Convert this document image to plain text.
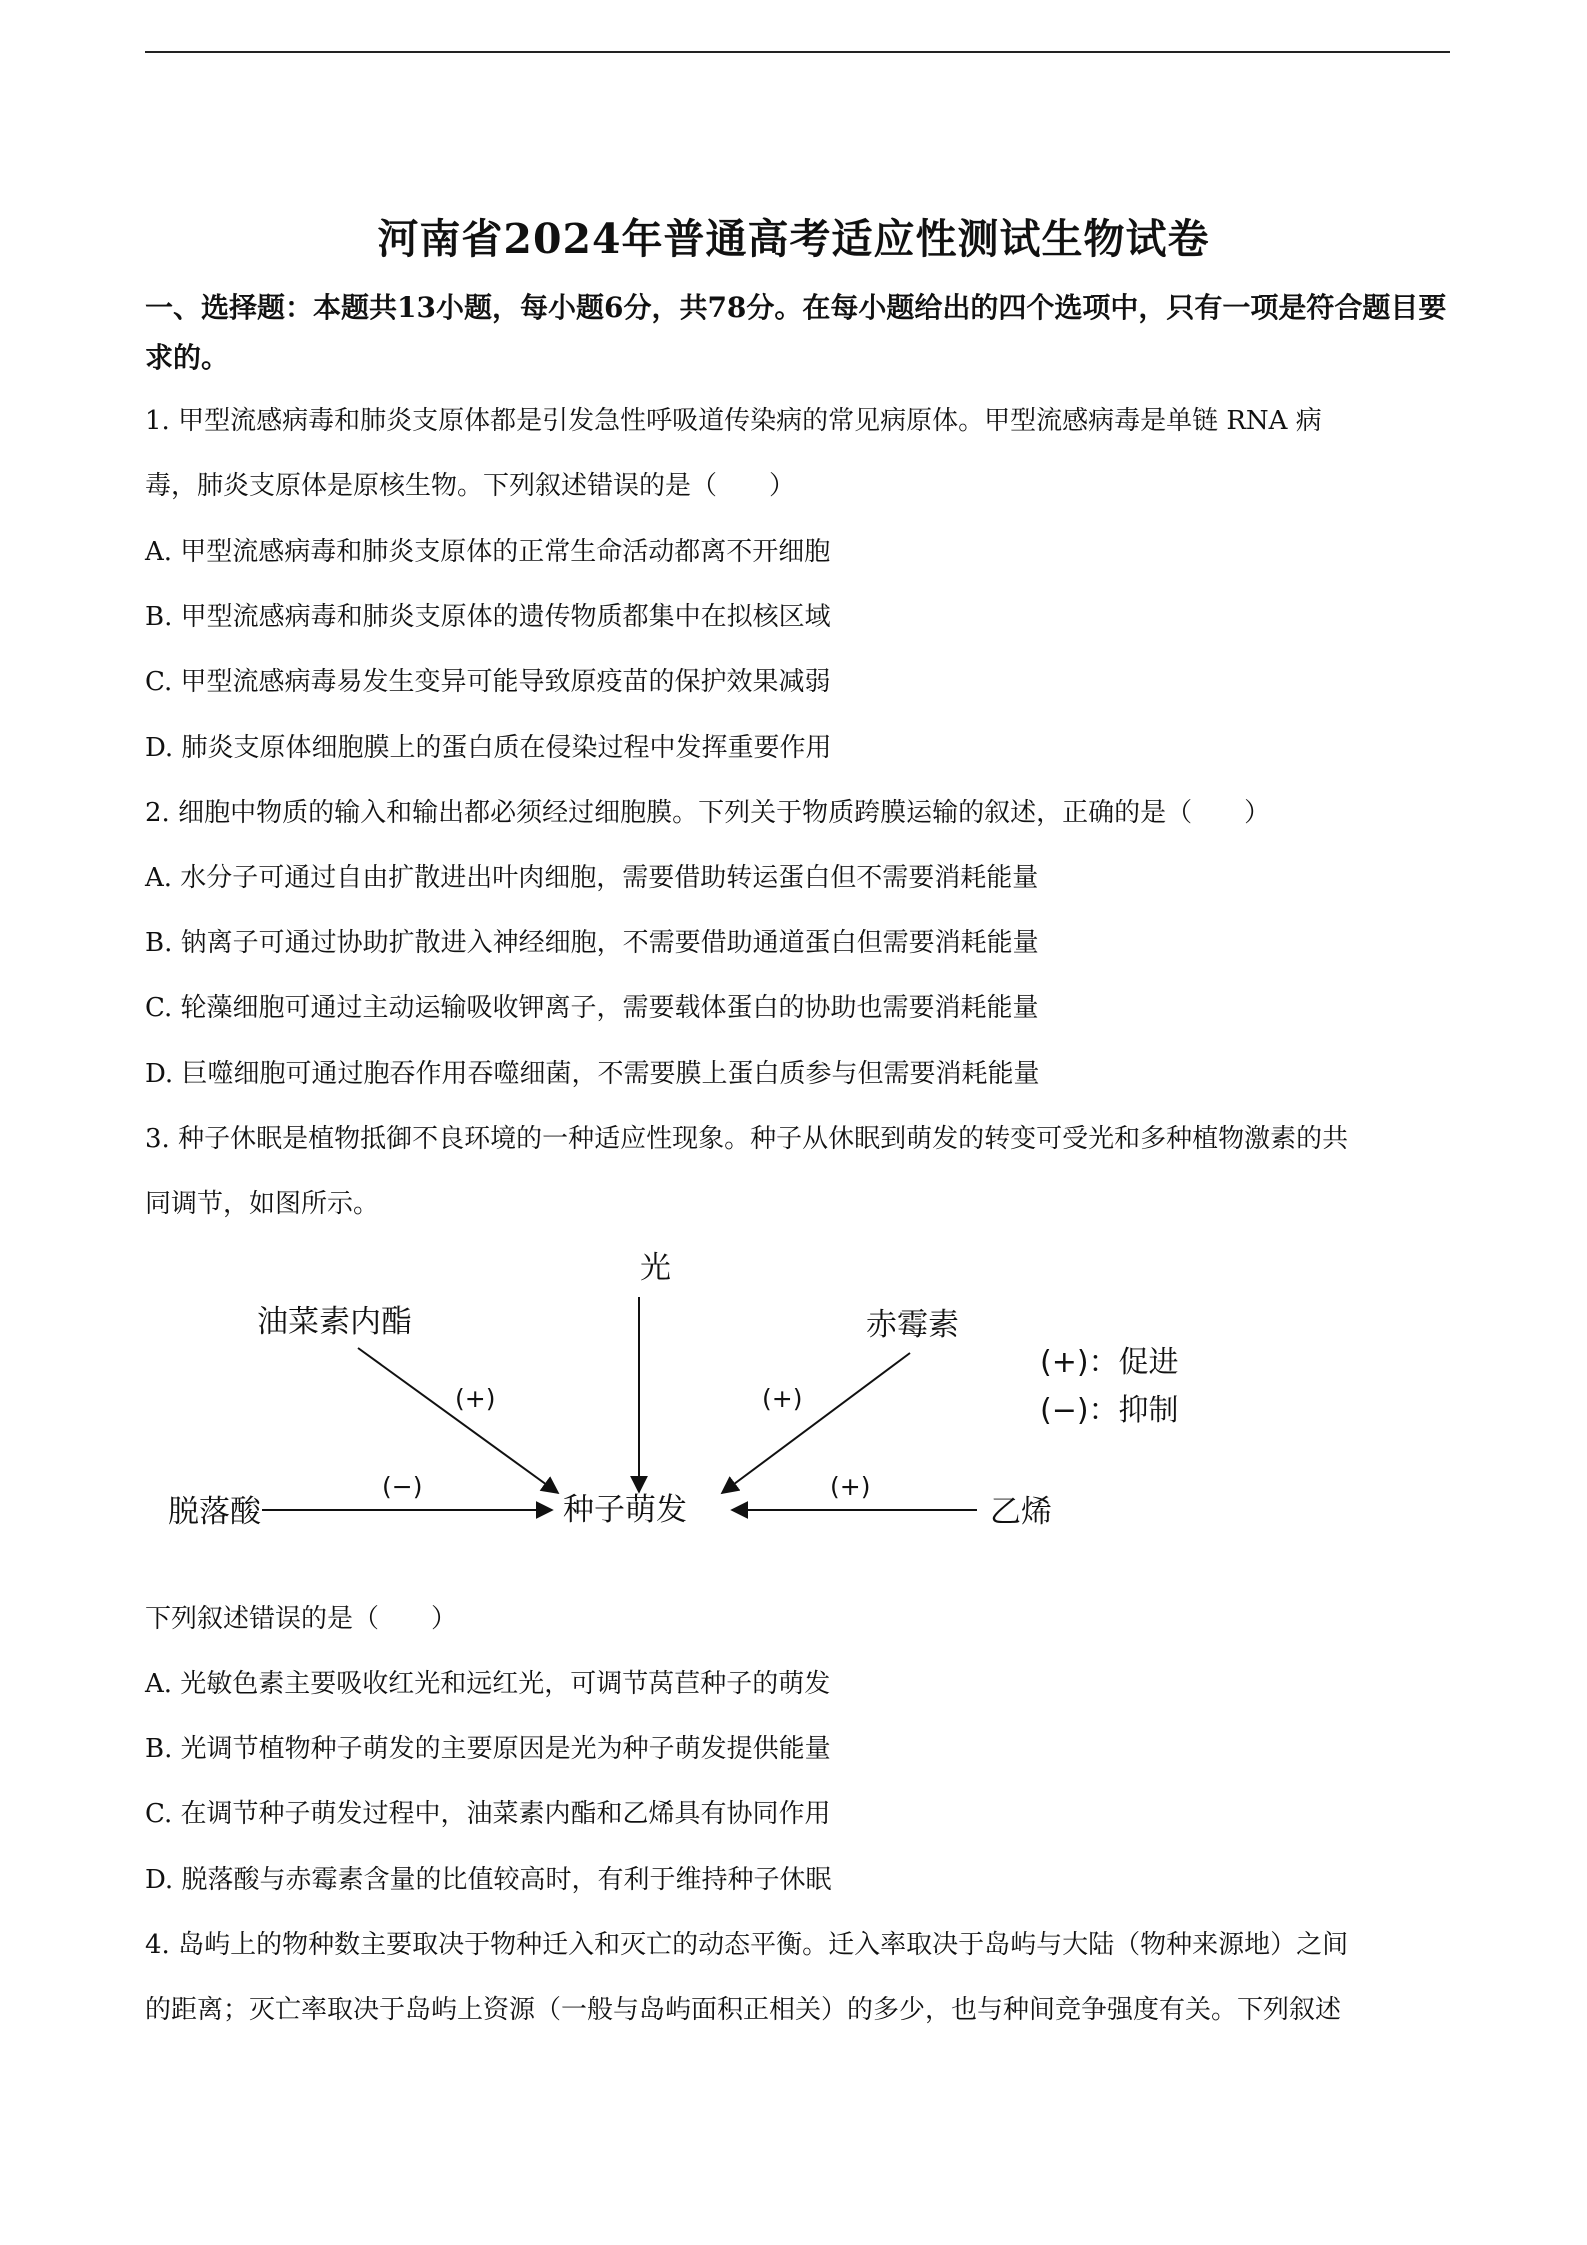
河南省2024年普通高考适应性测试生物试卷

一、选择题：本题共13小题，每小题6分，共78分。在每小题给出的四个选项中，只有一项是符合题目要求的。

1. 甲型流感病毒和肺炎支原体都是引发急性呼吸道传染病的常见病原体。甲型流感病毒是单链 RNA 病

毒，肺炎支原体是原核生物。下列叙述错误的是（　　）

A. 甲型流感病毒和肺炎支原体的正常生命活动都离不开细胞

B. 甲型流感病毒和肺炎支原体的遗传物质都集中在拟核区域

C. 甲型流感病毒易发生变异可能导致原疫苗的保护效果减弱

D. 肺炎支原体细胞膜上的蛋白质在侵染过程中发挥重要作用

2. 细胞中物质的输入和输出都必须经过细胞膜。下列关于物质跨膜运输的叙述，正确的是（　　）

A. 水分子可通过自由扩散进出叶肉细胞，需要借助转运蛋白但不需要消耗能量

B. 钠离子可通过协助扩散进入神经细胞，不需要借助通道蛋白但需要消耗能量

C. 轮藻细胞可通过主动运输吸收钾离子，需要载体蛋白的协助也需要消耗能量

D. 巨噬细胞可通过胞吞作用吞噬细菌，不需要膜上蛋白质参与但需要消耗能量

3. 种子休眠是植物抵御不良环境的一种适应性现象。种子从休眠到萌发的转变可受光和多种植物激素的共

同调节，如图所示。

光
油菜素内酯	赤霉素
脱落酸	乙烯
种子萌发
(+)	(+)
(−)	(+)
(+)：促进
(−)：抑制

下列叙述错误的是（　　）

A. 光敏色素主要吸收红光和远红光，可调节莴苣种子的萌发

B. 光调节植物种子萌发的主要原因是光为种子萌发提供能量

C. 在调节种子萌发过程中，油菜素内酯和乙烯具有协同作用

D. 脱落酸与赤霉素含量的比值较高时，有利于维持种子休眠

4. 岛屿上的物种数主要取决于物种迁入和灭亡的动态平衡。迁入率取决于岛屿与大陆（物种来源地）之间

的距离；灭亡率取决于岛屿上资源（一般与岛屿面积正相关）的多少，也与种间竞争强度有关。下列叙述
